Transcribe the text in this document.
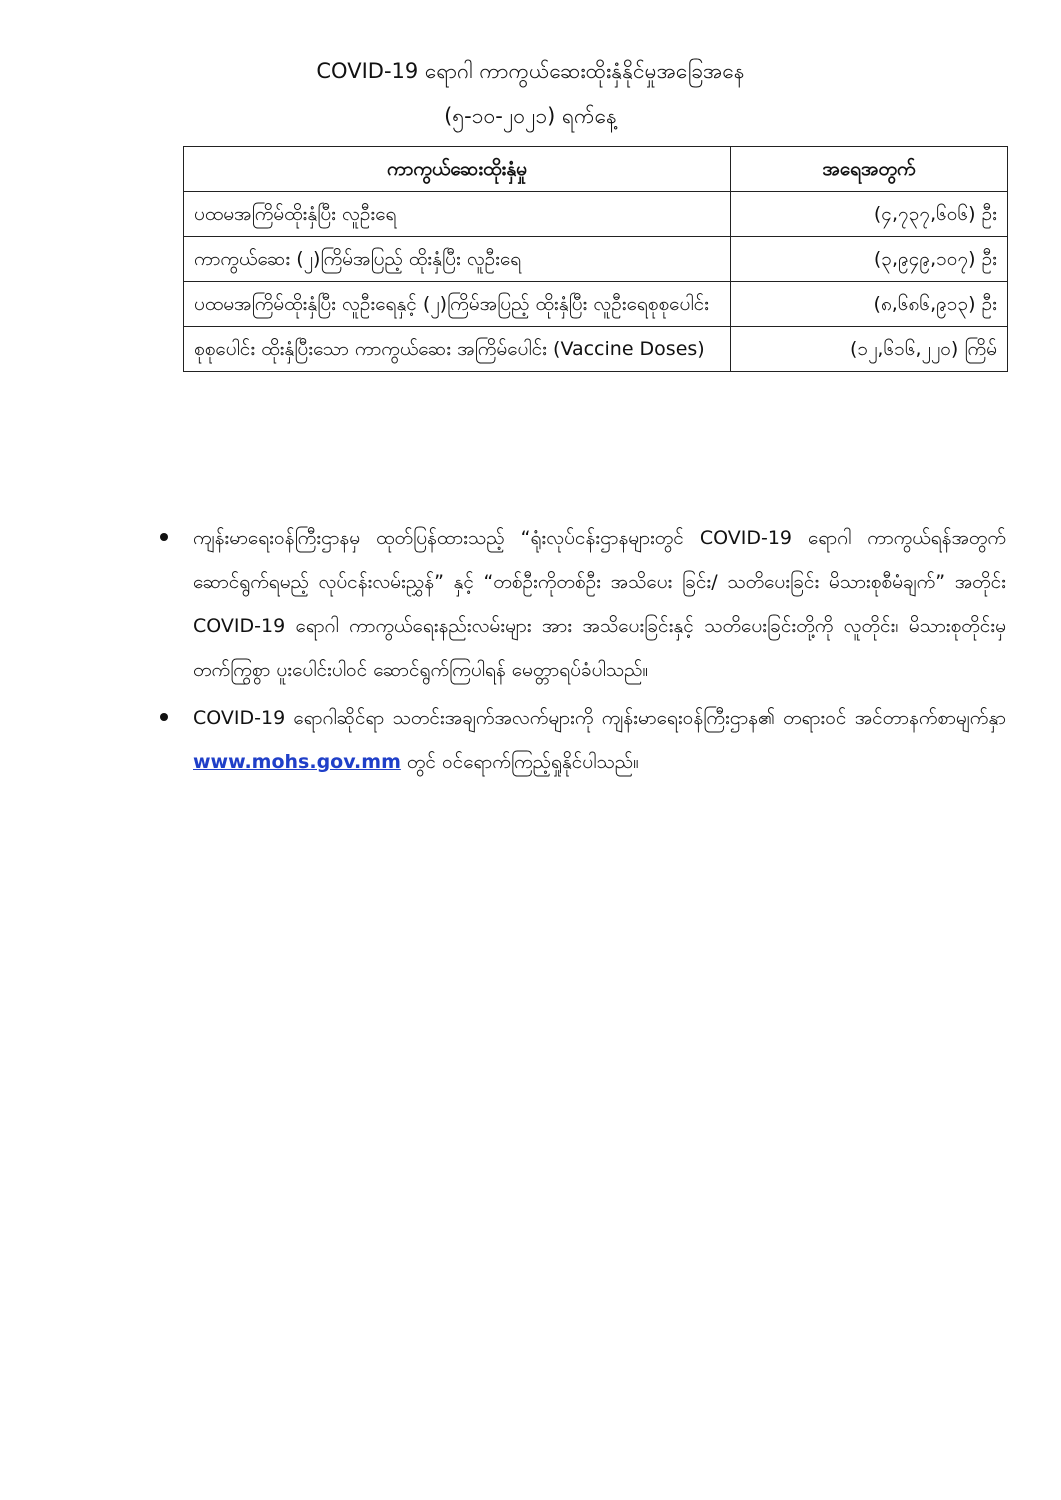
COVID-19 ရောဂါ ကာကွယ်ဆေးထိုးနှံနိုင်မှုအခြေအနေ
(၅-၁၀-၂၀၂၁) ရက်နေ့
ကာကွယ်ဆေးထိုးနှံမှု	အရေအတွက်
ပထမအကြိမ်ထိုးနှံပြီး လူဦးရေ	(၄,၇၃၇,၆၀၆) ဦး
ကာကွယ်ဆေး (၂)ကြိမ်အပြည့် ထိုးနှံပြီး လူဦးရေ	(၃,၉၄၉,၁၀၇) ဦး
ပထမအကြိမ်ထိုးနှံပြီး လူဦးရေနှင့် (၂)ကြိမ်အပြည့် ထိုးနှံပြီး လူဦးရေစုစုပေါင်း	(၈,၆၈၆,၉၁၃) ဦး
စုစုပေါင်း ထိုးနှံပြီးသော ကာကွယ်ဆေး အကြိမ်ပေါင်း (Vaccine Doses)	(၁၂,၆၁၆,၂၂၀) ကြိမ်
ကျန်းမာရေးဝန်ကြီးဌာနမှ ထုတ်ပြန်ထားသည့် “ရုံးလုပ်ငန်းဌာနများတွင် COVID-19 ရောဂါ ကာကွယ်ရန်အတွက် ဆောင်ရွက်ရမည့် လုပ်ငန်းလမ်းညွှန်” နှင့် “တစ်ဦးကိုတစ်ဦး အသိပေး ခြင်း/ သတိပေးခြင်း မိသားစုစီမံချက်” အတိုင်း COVID-19 ရောဂါ ကာကွယ်ရေးနည်းလမ်းများ အား အသိပေးခြင်းနှင့် သတိပေးခြင်းတို့ကို လူတိုင်း၊ မိသားစုတိုင်းမှ တက်ကြွစွာ ပူးပေါင်းပါဝင် ဆောင်ရွက်ကြပါရန် မေတ္တာရပ်ခံပါသည်။
COVID-19 ရောဂါဆိုင်ရာ သတင်းအချက်အလက်များကို ကျန်းမာရေးဝန်ကြီးဌာန၏ တရားဝင် အင်တာနက်စာမျက်နှာ www.mohs.gov.mm တွင် ဝင်ရောက်ကြည့်ရှုနိုင်ပါသည်။
